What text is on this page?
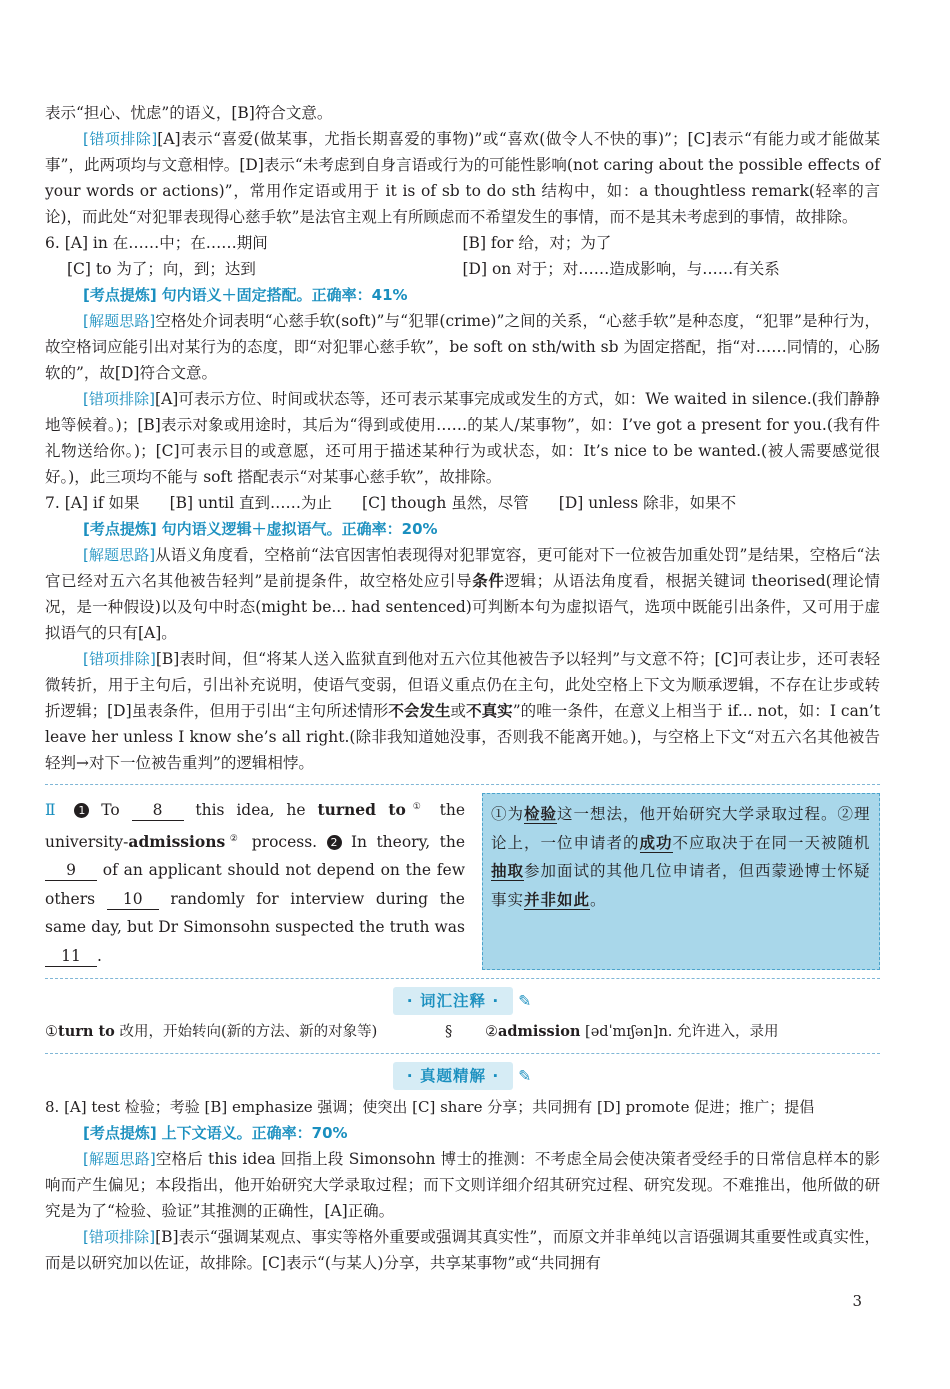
表示“担心、忧虑”的语义，[B]符合文意。

[错项排除][A]表示“喜爱(做某事，尤指长期喜爱的事物)”或“喜欢(做令人不快的事)”；[C]表示“有能力或才能做某事”，此两项均与文意相悖。[D]表示“未考虑到自身言语或行为的可能性影响(not caring about the possible effects of your words or actions)”，常用作定语或用于 it is of sb to do sth 结构中，如：a thoughtless remark(轻率的言论)，而此处“对犯罪表现得心慈手软”是法官主观上有所顾虑而不希望发生的事情，而不是其未考虑到的事情，故排除。

6. [A] in 在……中；在……期间	[B] for 给，对；为了
[C] to 为了；向，到；达到	[D] on 对于；对……造成影响，与……有关系

[考点提炼] 句内语义＋固定搭配。正确率：41%

[解题思路]空格处介词表明“心慈手软(soft)”与“犯罪(crime)”之间的关系，“心慈手软”是种态度，“犯罪”是种行为，故空格词应能引出对某行为的态度，即“对犯罪心慈手软”，be soft on sth/with sb 为固定搭配，指“对……同情的，心肠软的”，故[D]符合文意。

[错项排除][A]可表示方位、时间或状态等，还可表示某事完成或发生的方式，如：We waited in silence.(我们静静地等候着。)；[B]表示对象或用途时，其后为“得到或使用……的某人/某事物”，如：I’ve got a present for you.(我有件礼物送给你。)；[C]可表示目的或意愿，还可用于描述某种行为或状态，如：It’s nice to be wanted.(被人需要感觉很好。)，此三项均不能与 soft 搭配表示“对某事心慈手软”，故排除。

7. [A] if 如果 [B] until 直到……为止 [C] though 虽然，尽管 [D] unless 除非，如果不

[考点提炼] 句内语义逻辑＋虚拟语气。正确率：20%

[解题思路]从语义角度看，空格前“法官因害怕表现得对犯罪宽容，更可能对下一位被告加重处罚”是结果，空格后“法官已经对五六名其他被告轻判”是前提条件，故空格处应引导条件逻辑；从语法角度看，根据关键词 theorised(理论情况，是一种假设)以及句中时态(might be... had sentenced)可判断本句为虚拟语气，选项中既能引出条件，又可用于虚拟语气的只有[A]。

[错项排除][B]表时间，但“将某人送入监狱直到他对五六位其他被告予以轻判”与文意不符；[C]可表让步，还可表轻微转折，用于主句后，引出补充说明，使语气变弱，但语义重点仍在主句，此处空格上下文为顺承逻辑，不存在让步或转折逻辑；[D]虽表条件，但用于引出“主句所述情形不会发生或不真实”的唯一条件，在意义上相当于 if... not，如：I can’t leave her unless I know she’s all right.(除非我知道她没事，否则我不能离开她。)，与空格上下文“对五六名其他被告轻判→对下一位被告重判”的逻辑相悖。

Ⅱ 1 To 8 this idea, he turned to① the university-admissions② process. 2 In theory, the 9 of an applicant should not depend on the few others 10 randomly for interview during the same day, but Dr Simonsohn suspected the truth was 11 .
①为检验这一想法，他开始研究大学录取过程。②理论上，一位申请者的成功不应取决于在同一天被随机抽取参加面试的其他几位申请者，但西蒙逊博士怀疑事实并非如此。
· 词汇注释 · ✎
①turn to 改用，开始转向(新的方法、新的对象等)	§	②admission [ədˈmɪʃən]n. 允许进入，录用
· 真题精解 · ✎

8. [A] test 检验；考验 [B] emphasize 强调；使突出 [C] share 分享；共同拥有 [D] promote 促进；推广；提倡

[考点提炼] 上下文语义。正确率：70%

[解题思路]空格后 this idea 回指上段 Simonsohn 博士的推测：不考虑全局会使决策者受经手的日常信息样本的影响而产生偏见；本段指出，他开始研究大学录取过程；而下文则详细介绍其研究过程、研究发现。不难推出，他所做的研究是为了“检验、验证”其推测的正确性，[A]正确。

[错项排除][B]表示“强调某观点、事实等格外重要或强调其真实性”，而原文并非单纯以言语强调其重要性或真实性，而是以研究加以佐证，故排除。[C]表示“(与某人)分享，共享某事物”或“共同拥有

3
